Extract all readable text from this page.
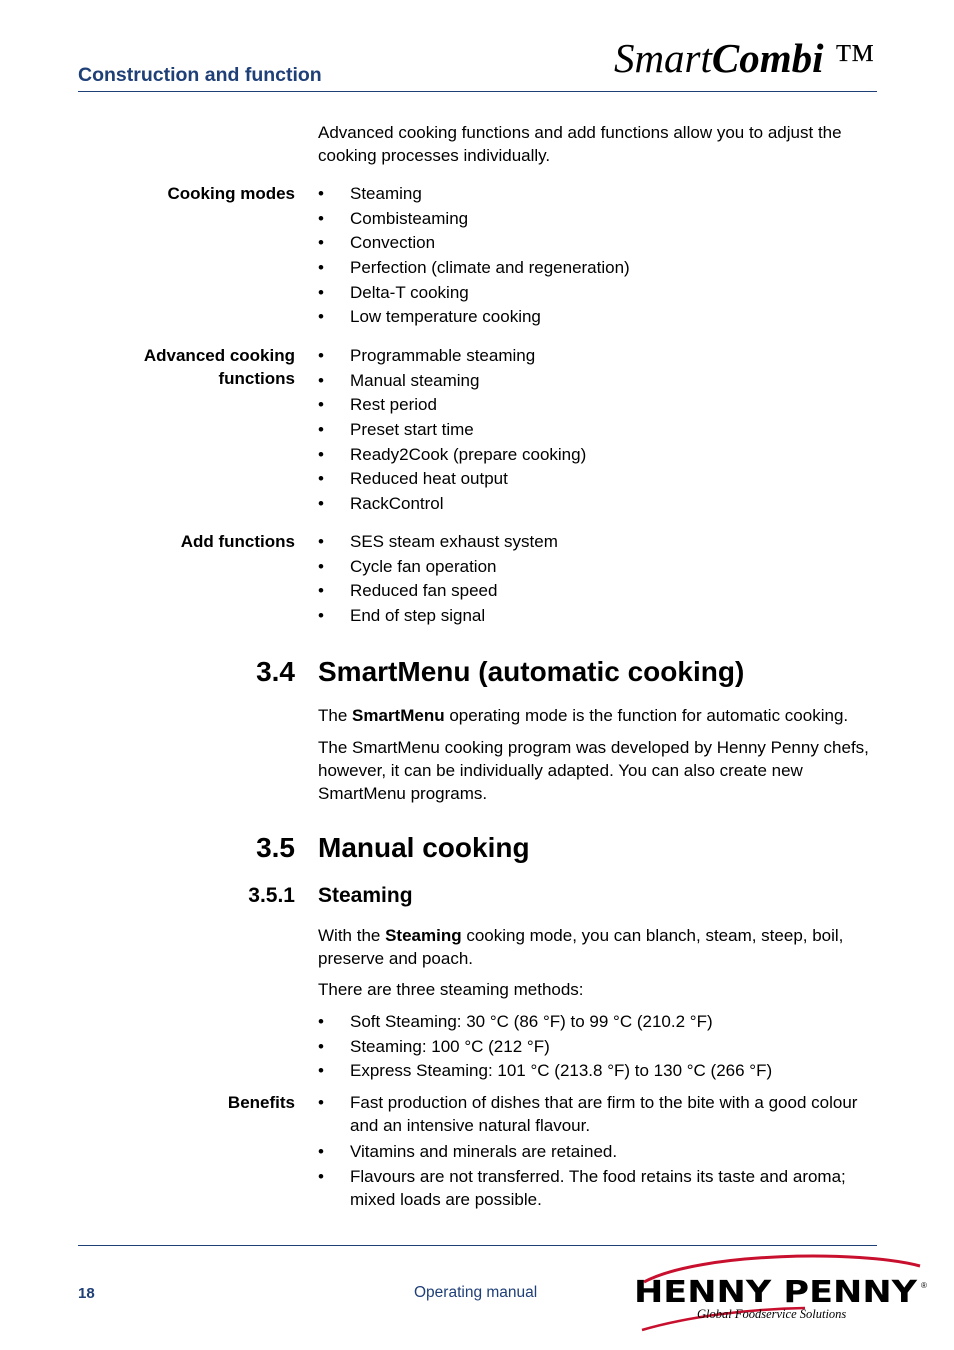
Construction and function	SmartCombi ™
Advanced cooking functions and add functions allow you to adjust the cooking processes individually.
Cooking modes	• Steaming
• Combisteaming
• Convection
• Perfection (climate and regeneration)
• Delta-T cooking
• Low temperature cooking
Advanced cooking
functions
• Programmable steaming
• Manual steaming
• Rest period
• Preset start time
• Ready2Cook (prepare cooking)
• Reduced heat output
• RackControl
Add functions	• SES steam exhaust system
• Cycle fan operation
• Reduced fan speed
• End of step signal
3.4 SmartMenu (automatic cooking)
The SmartMenu operating mode is the function for automatic cooking.
The SmartMenu cooking program was developed by Henny Penny chefs, however, it can be individually adapted. You can also create new SmartMenu programs.
3.5 Manual cooking
3.5.1 Steaming
With the Steaming cooking mode, you can blanch, steam, steep, boil, preserve and poach.
There are three steaming methods:
• Soft Steaming: 30 °C (86 °F) to 99 °C (210.2 °F)
• Steaming: 100 °C (212 °F)
• Express Steaming: 101 °C (213.8 °F) to 130 °C (266 °F)
Benefits	• Fast production of dishes that are firm to the bite with a good colour and an intensive natural flavour.
• Vitamins and minerals are retained.
• Flavours are not transferred. The food retains its taste and aroma; mixed loads are possible.
18	Operating manual	HENNY PENNY ®
Global Foodservice Solutions
